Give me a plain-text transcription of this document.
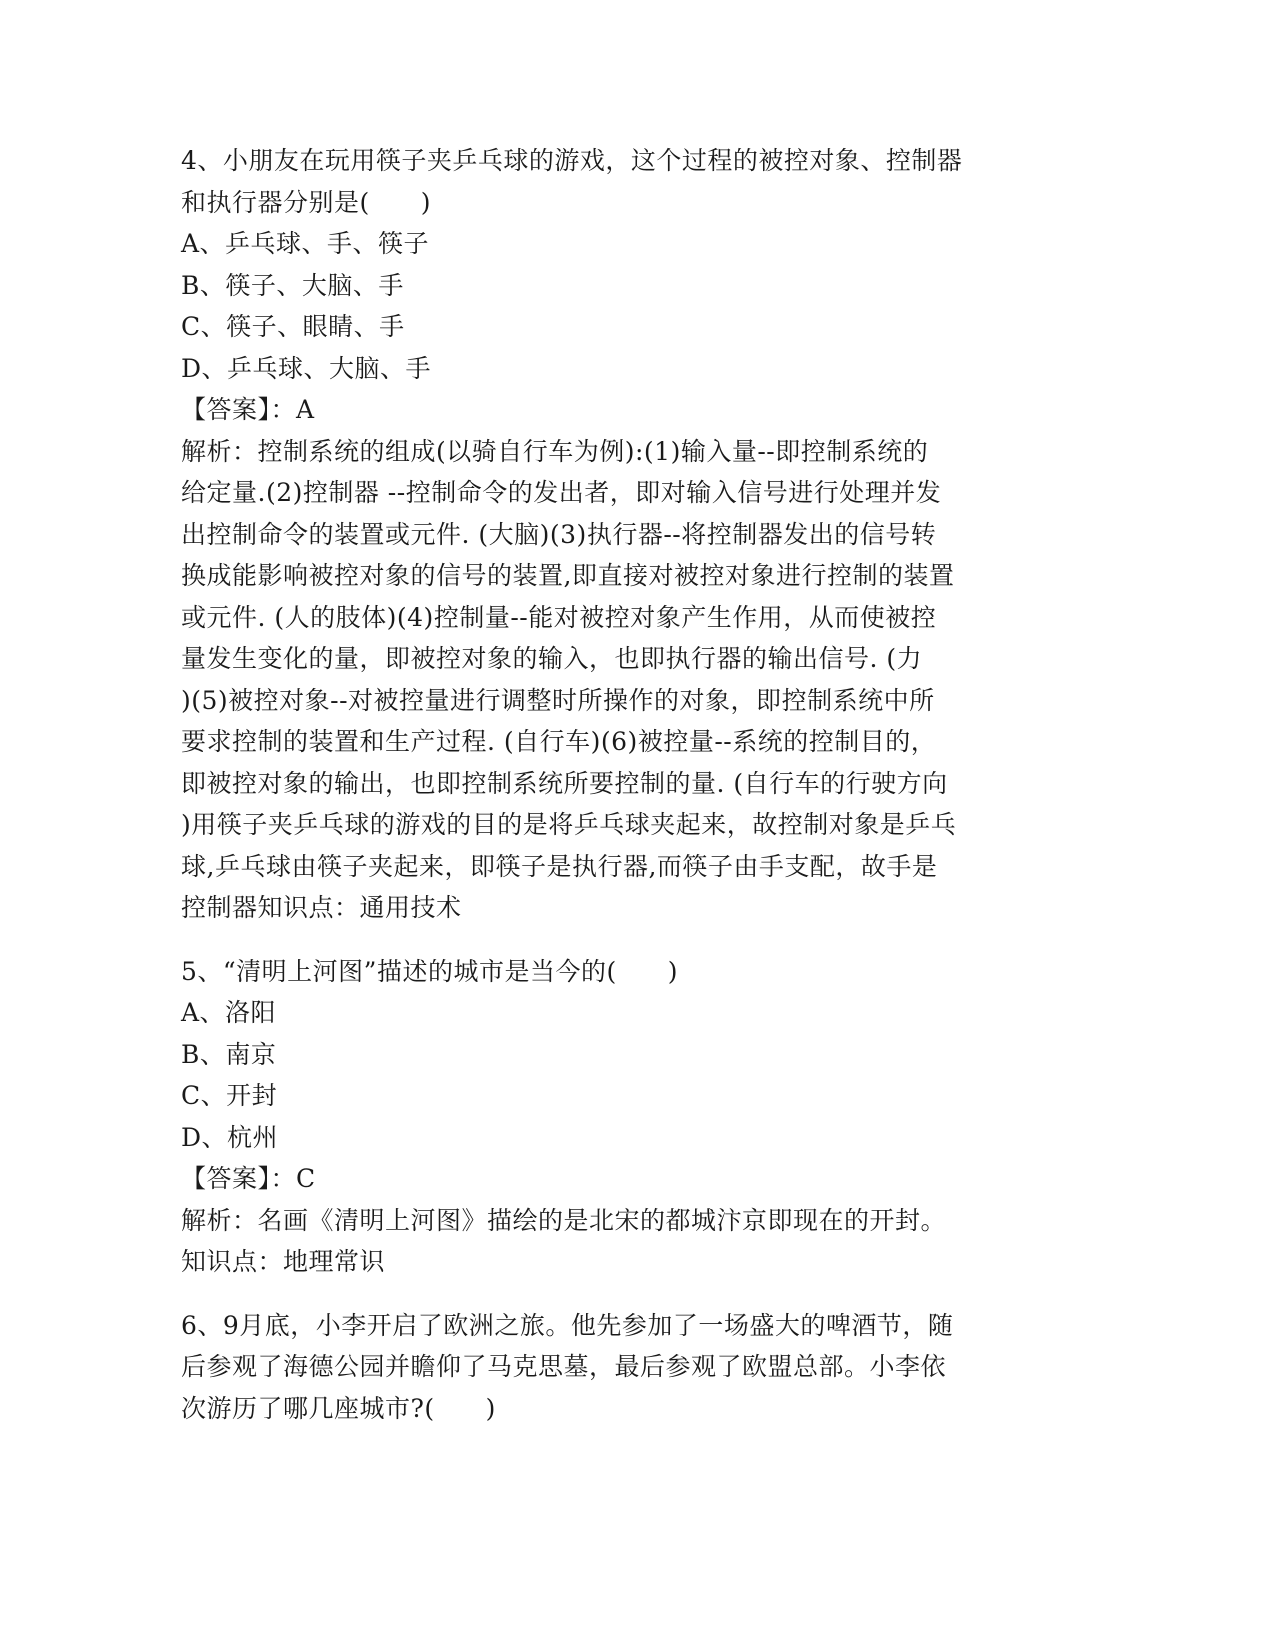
4、小朋友在玩用筷子夹乒乓球的游戏，这个过程的被控对象、控制器
和执行器分别是(　　)
A、乒乓球、手、筷子
B、筷子、大脑、手
C、筷子、眼睛、手
D、乒乓球、大脑、手
【答案】：A
解析：控制系统的组成(以骑自行车为例):(1)输入量--即控制系统的
给定量.(2)控制器 --控制命令的发出者，即对输入信号进行处理并发
出控制命令的装置或元件. (大脑)(3)执行器--将控制器发出的信号转
换成能影响被控对象的信号的装置,即直接对被控对象进行控制的装置
或元件. (人的肢体)(4)控制量--能对被控对象产生作用，从而使被控
量发生变化的量，即被控对象的输入，也即执行器的输出信号. (力
)(5)被控对象--对被控量进行调整时所操作的对象，即控制系统中所
要求控制的装置和生产过程. (自行车)(6)被控量--系统的控制目的，
即被控对象的输出，也即控制系统所要控制的量. (自行车的行驶方向
)用筷子夹乒乓球的游戏的目的是将乒乓球夹起来，故控制对象是乒乓
球,乒乓球由筷子夹起来，即筷子是执行器,而筷子由手支配，故手是
控制器知识点：通用技术
5、“清明上河图”描述的城市是当今的(　　)
A、洛阳
B、南京
C、开封
D、杭州
【答案】：C
解析：名画《清明上河图》描绘的是北宋的都城汴京即现在的开封。
知识点：地理常识
6、9月底，小李开启了欧洲之旅。他先参加了一场盛大的啤酒节，随
后参观了海德公园并瞻仰了马克思墓，最后参观了欧盟总部。小李依
次游历了哪几座城市?(　　)
